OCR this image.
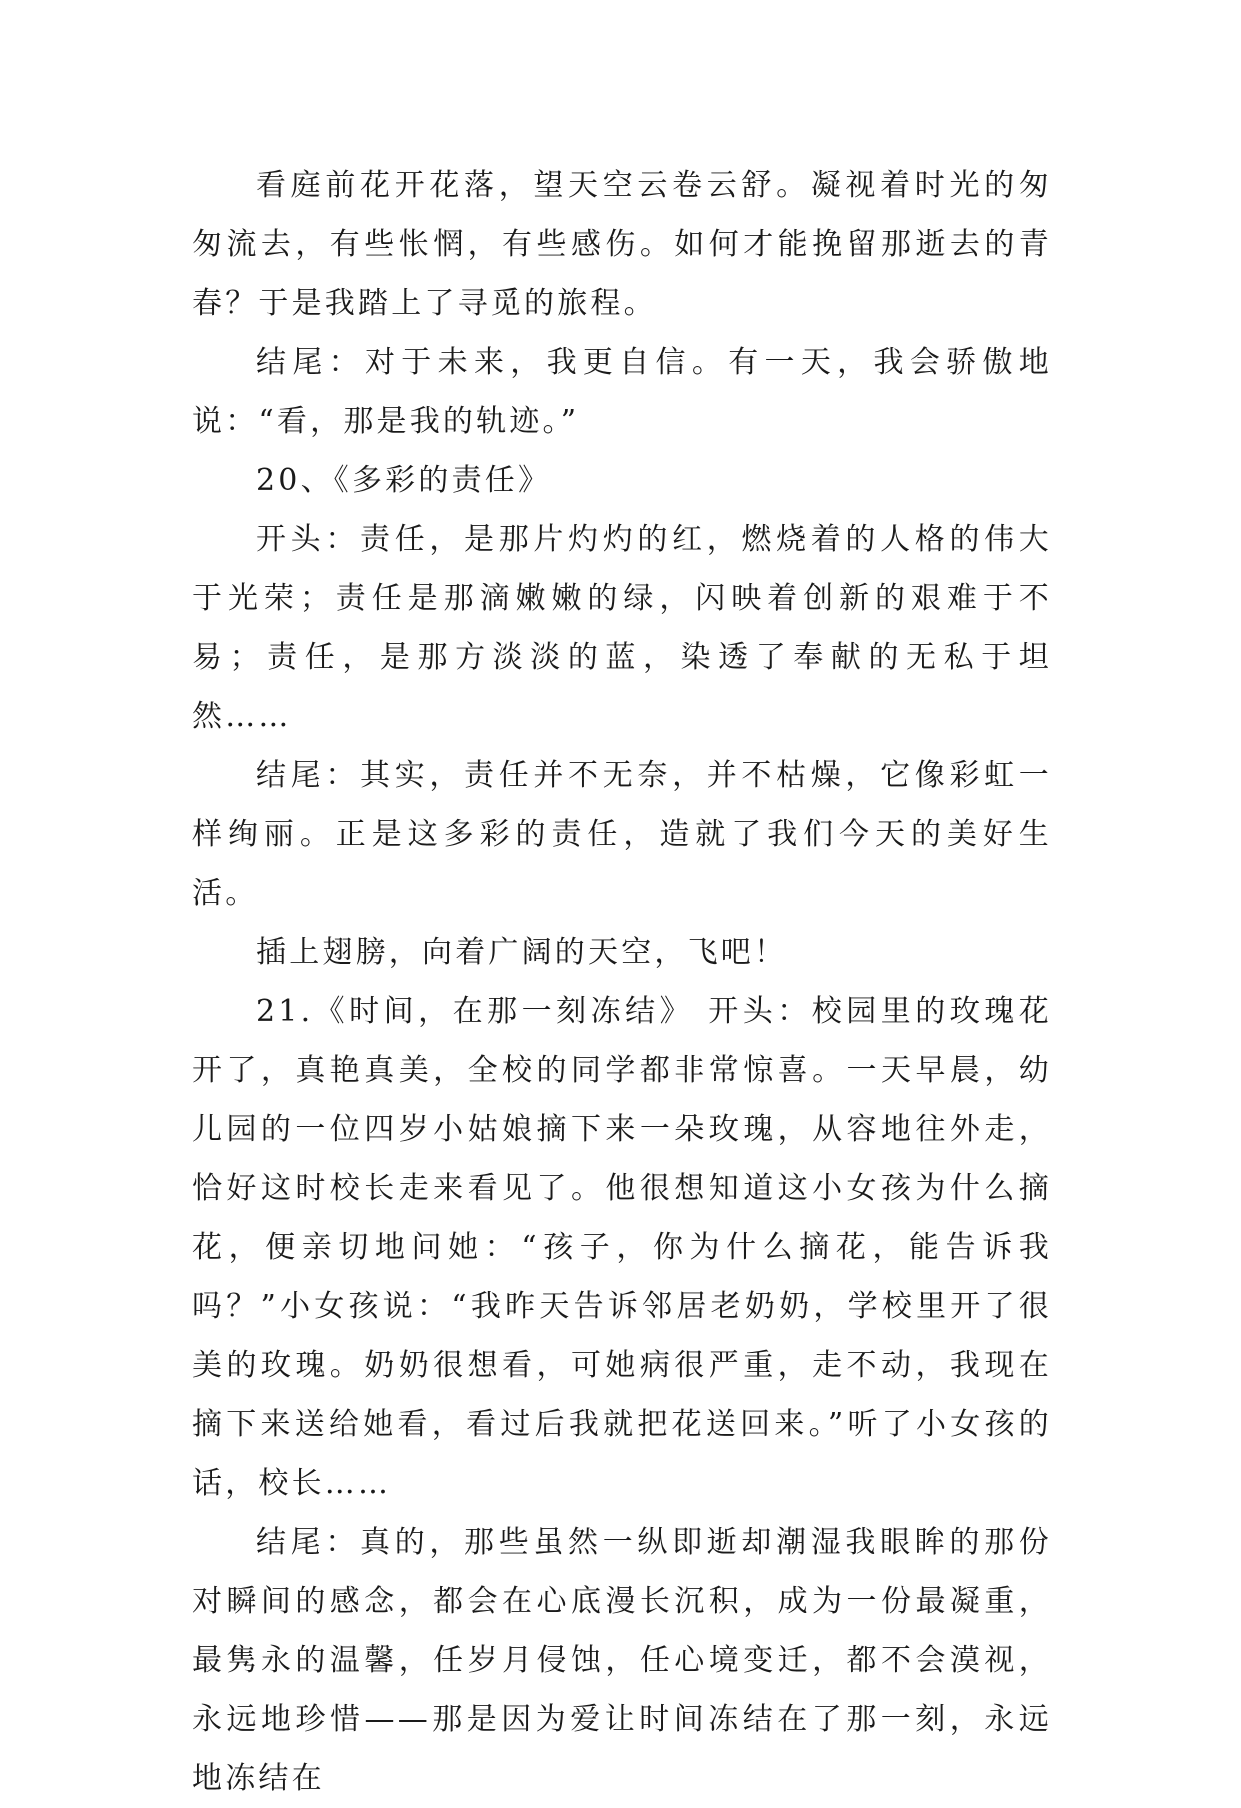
看庭前花开花落，望天空云卷云舒。凝视着时光的匆匆流去，有些怅惘，有些感伤。如何才能挽留那逝去的青春？于是我踏上了寻觅的旅程。

结尾：对于未来，我更自信。有一天，我会骄傲地说：“看，那是我的轨迹。”

20、《多彩的责任》

开头：责任，是那片灼灼的红，燃烧着的人格的伟大于光荣；责任是那滴嫩嫩的绿，闪映着创新的艰难于不易；责任，是那方淡淡的蓝，染透了奉献的无私于坦然……

结尾：其实，责任并不无奈，并不枯燥，它像彩虹一样绚丽。正是这多彩的责任，造就了我们今天的美好生活。

插上翅膀，向着广阔的天空，飞吧！

21.《时间，在那一刻冻结》 开头：校园里的玫瑰花开了，真艳真美，全校的同学都非常惊喜。一天早晨，幼儿园的一位四岁小姑娘摘下来一朵玫瑰，从容地往外走，恰好这时校长走来看见了。他很想知道这小女孩为什么摘花，便亲切地问她：“孩子，你为什么摘花，能告诉我吗？”小女孩说：“我昨天告诉邻居老奶奶，学校里开了很美的玫瑰。奶奶很想看，可她病很严重，走不动，我现在摘下来送给她看，看过后我就把花送回来。”听了小女孩的话，校长……

结尾：真的，那些虽然一纵即逝却潮湿我眼眸的那份对瞬间的感念，都会在心底漫长沉积，成为一份最凝重，最隽永的温馨，任岁月侵蚀，任心境变迁，都不会漠视，永远地珍惜——那是因为爱让时间冻结在了那一刻，永远地冻结在
